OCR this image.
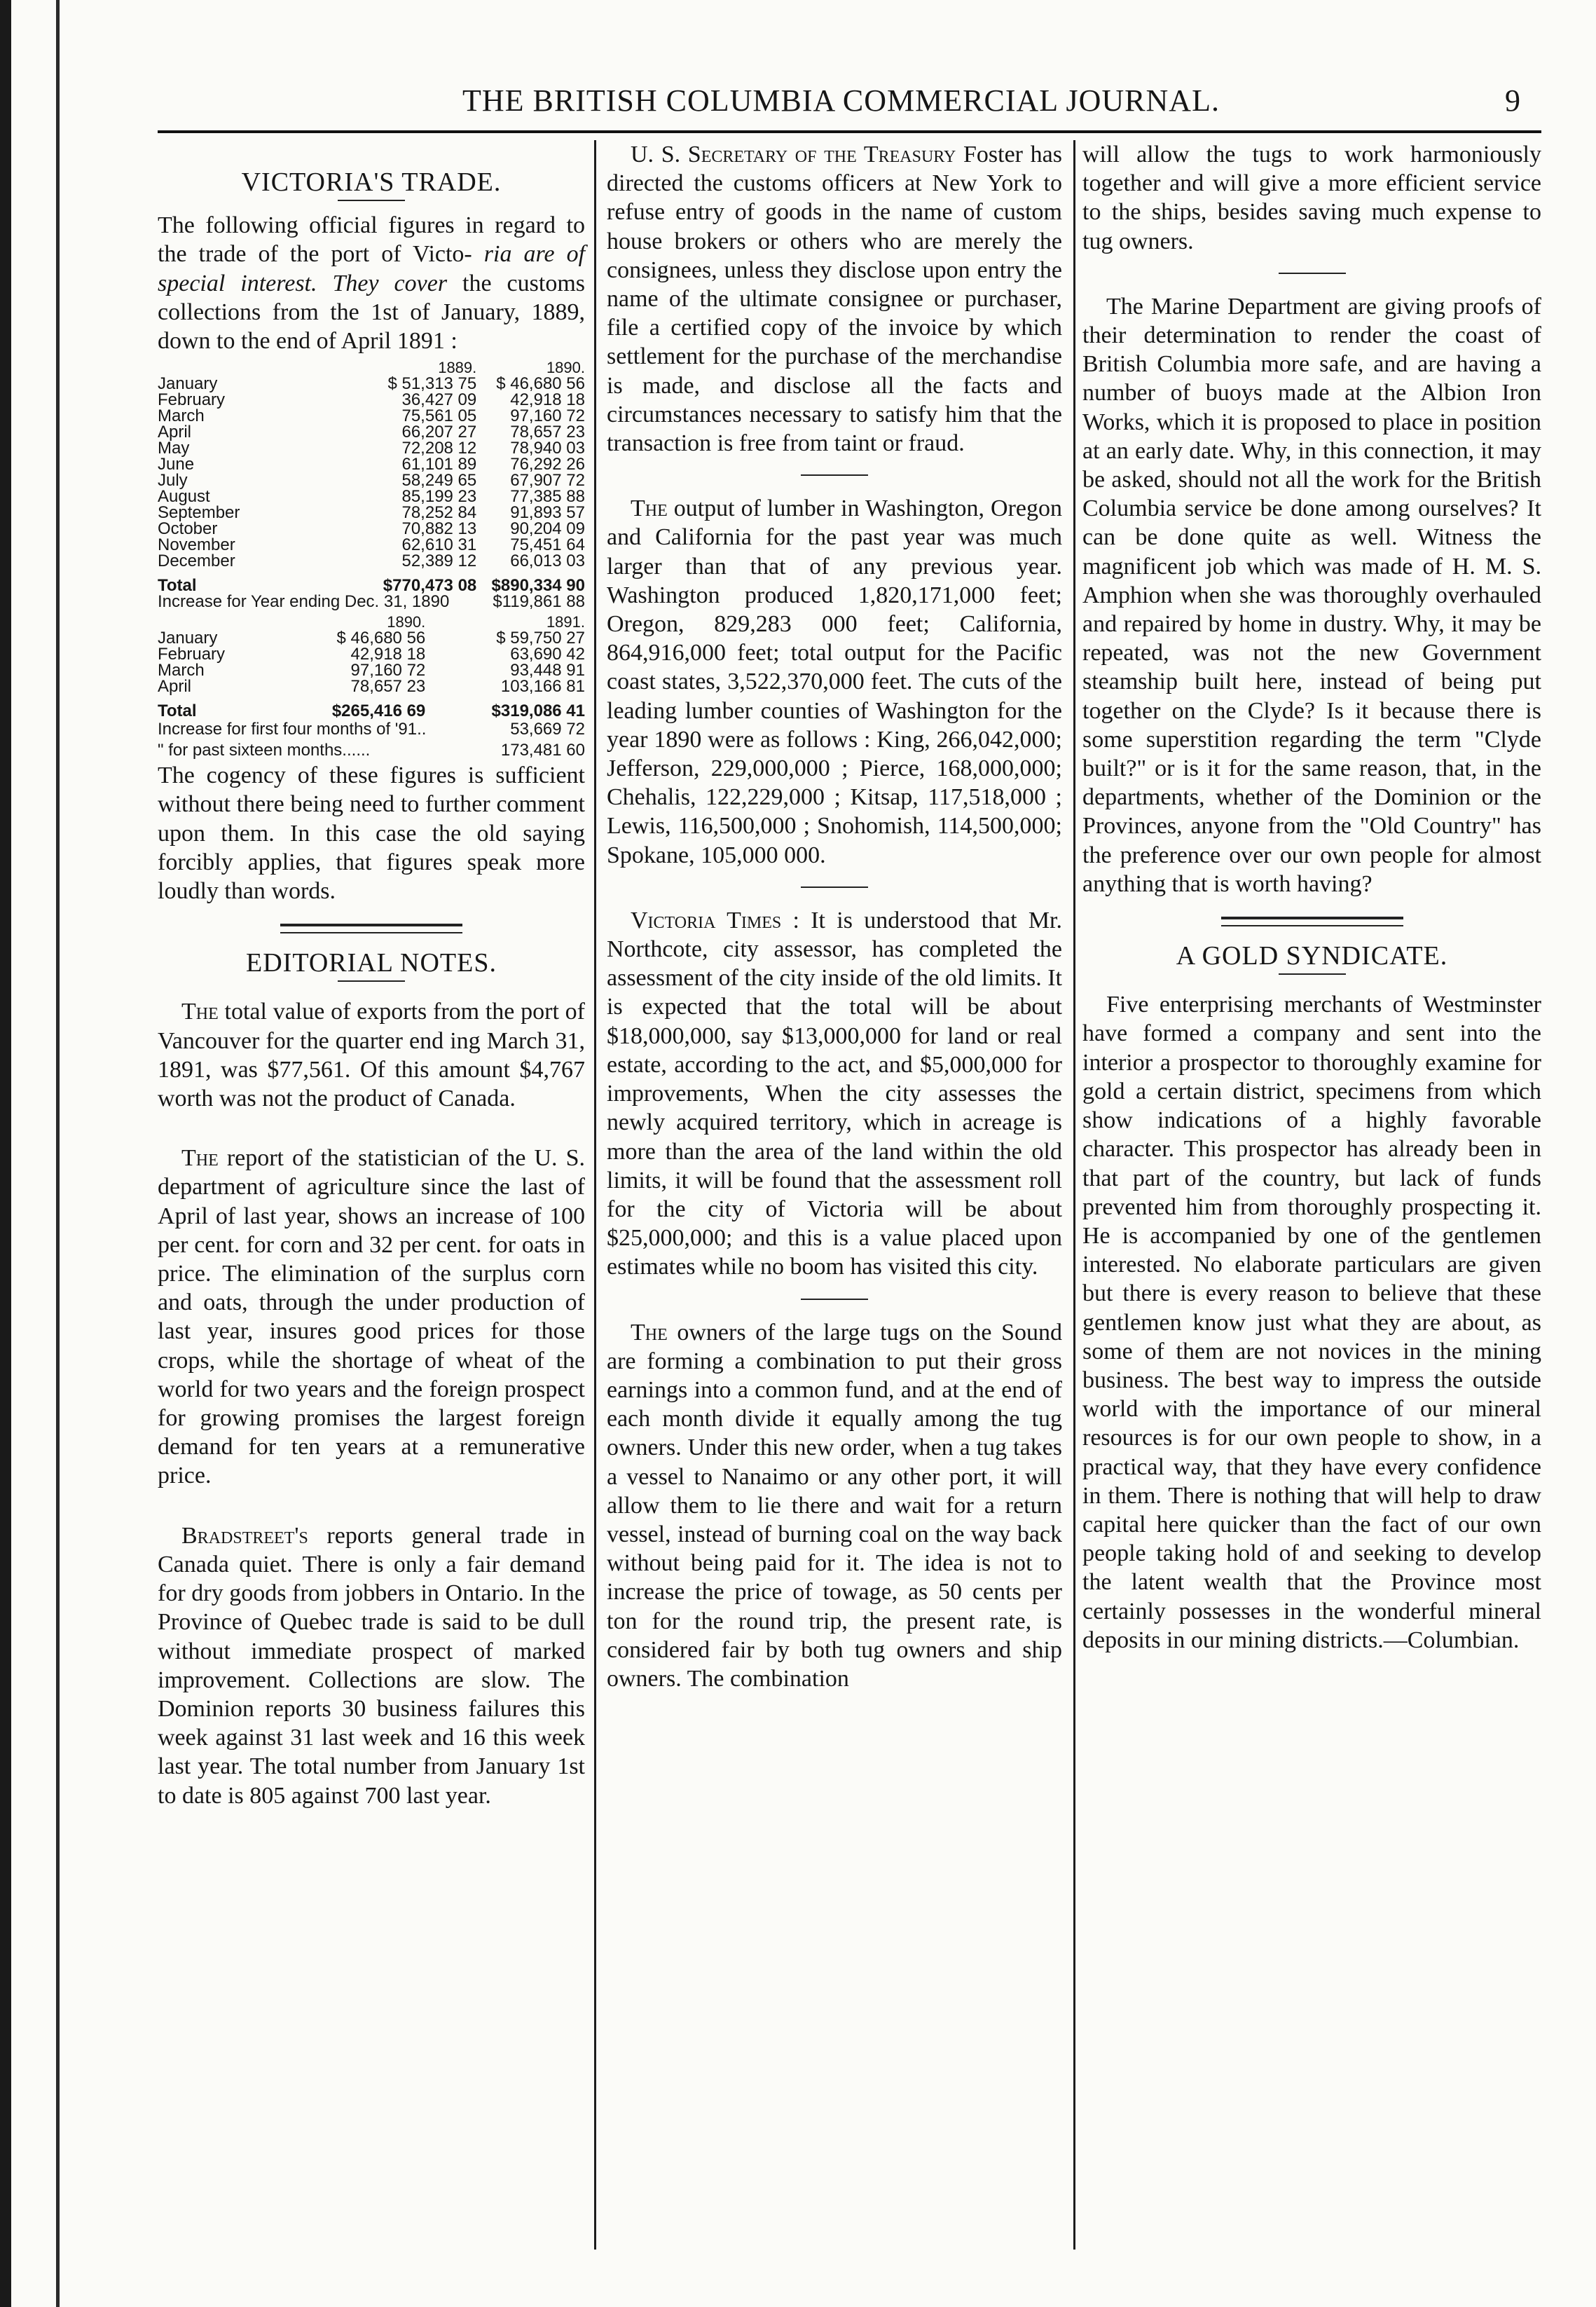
THE BRITISH COLUMBIA COMMERCIAL JOURNAL.	9
VICTORIA'S TRADE.

The following official figures in regard to the trade of the port of Victo- ria are of special interest. They cover the customs collections from the 1st of January, 1889, down to the end of April 1891 :

	1889.	1890.
January	$ 51,313 75	$ 46,680 56
February	36,427 09	42,918 18
March	75,561 05	97,160 72
April	66,207 27	78,657 23
May	72,208 12	78,940 03
June	61,101 89	76,292 26
July	58,249 65	67,907 72
August	85,199 23	77,385 88
September	78,252 84	91,893 57
October	70,882 13	90,204 09
November	62,610 31	75,451 64
December	52,389 12	66,013 03
Total	$770,473 08	$890,334 90
Increase for Year ending Dec. 31, 1890		$119,861 88
	1890.	1891.
January	$ 46,680 56	$ 59,750 27
February	42,918 18	63,690 42
March	97,160 72	93,448 91
April	78,657 23	103,166 81
Total	$265,416 69	$319,086 41
Increase for first four months of '91..	53,669 72
" for past sixteen months......	173,481 60

The cogency of these figures is sufficient without there being need to further comment upon them. In this case the old saying forcibly applies, that figures speak more loudly than words.

EDITORIAL NOTES.

 The total value of exports from the port of Vancouver for the quarter end ing March 31, 1891, was $77,561. Of this amount $4,767 worth was not the product of Canada.

 The report of the statistician of the U. S. department of agriculture since the last of April of last year, shows an increase of 100 per cent. for corn and 32 per cent. for oats in price. The elimination of the surplus corn and oats, through the under production of last year, insures good prices for those crops, while the shortage of wheat of the world for two years and the foreign prospect for growing promises the largest foreign demand for ten years at a remunerative price.

 Bradstreet's reports general trade in Canada quiet. There is only a fair demand for dry goods from jobbers in Ontario. In the Province of Quebec trade is said to be dull without immediate prospect of marked improvement. Collections are slow. The Dominion reports 30 business failures this week against 31 last week and 16 this week last year. The total number from January 1st to date is 805 against 700 last year.

 U. S. Secretary of the Treasury Foster has directed the customs officers at New York to refuse entry of goods in the name of custom house brokers or others who are merely the consignees, unless they disclose upon entry the name of the ultimate consignee or purchaser, file a certified copy of the invoice by which settlement for the purchase of the merchandise is made, and disclose all the facts and circumstances necessary to satisfy him that the transaction is free from taint or fraud.

 The output of lumber in Washington, Oregon and California for the past year was much larger than that of any previous year. Washington produced 1,820,171,000 feet; Oregon, 829,283 000 feet; California, 864,916,000 feet; total output for the Pacific coast states, 3,522,370,000 feet. The cuts of the leading lumber counties of Washington for the year 1890 were as follows : King, 266,042,000; Jefferson, 229,000,000 ; Pierce, 168,000,000; Chehalis, 122,229,000 ; Kitsap, 117,518,000 ; Lewis, 116,500,000 ; Snohomish, 114,500,000; Spokane, 105,000 000.

 Victoria Times : It is understood that Mr. Northcote, city assessor, has completed the assessment of the city inside of the old limits. It is expected that the total will be about $18,000,000, say $13,000,000 for land or real estate, according to the act, and $5,000,000 for improvements, When the city assesses the newly acquired territory, which in acreage is more than the area of the land within the old limits, it will be found that the assessment roll for the city of Victoria will be about $25,000,000; and this is a value placed upon estimates while no boom has visited this city.

 The owners of the large tugs on the Sound are forming a combination to put their gross earnings into a common fund, and at the end of each month divide it equally among the tug owners. Under this new order, when a tug takes a vessel to Nanaimo or any other port, it will allow them to lie there and wait for a return vessel, instead of burning coal on the way back without being paid for it. The idea is not to increase the price of towage, as 50 cents per ton for the round trip, the present rate, is considered fair by both tug owners and ship owners. The combination

will allow the tugs to work harmoniously together and will give a more efficient service to the ships, besides saving much expense to tug owners.

 The Marine Department are giving proofs of their determination to render the coast of British Columbia more safe, and are having a number of buoys made at the Albion Iron Works, which it is proposed to place in position at an early date. Why, in this connection, it may be asked, should not all the work for the British Columbia service be done among ourselves? It can be done quite as well. Witness the magnificent job which was made of H. M. S. Amphion when she was thoroughly overhauled and repaired by home in dustry. Why, it may be repeated, was not the new Government steamship built here, instead of being put together on the Clyde? Is it because there is some superstition regarding the term "Clyde built?" or is it for the same reason, that, in the departments, whether of the Dominion or the Provinces, anyone from the "Old Country" has the preference over our own people for almost anything that is worth having?

A GOLD SYNDICATE.

 Five enterprising merchants of Westminster have formed a company and sent into the interior a prospector to thoroughly examine for gold a certain district, specimens from which show indications of a highly favorable character. This prospector has already been in that part of the country, but lack of funds prevented him from thoroughly prospecting it. He is accompanied by one of the gentlemen interested. No elaborate particulars are given but there is every reason to believe that these gentlemen know just what they are about, as some of them are not novices in the mining business. The best way to impress the outside world with the importance of our mineral resources is for our own people to show, in a practical way, that they have every confidence in them. There is nothing that will help to draw capital here quicker than the fact of our own people taking hold of and seeking to develop the latent wealth that the Province most certainly possesses in the wonderful mineral deposits in our mining districts.—Columbian.
